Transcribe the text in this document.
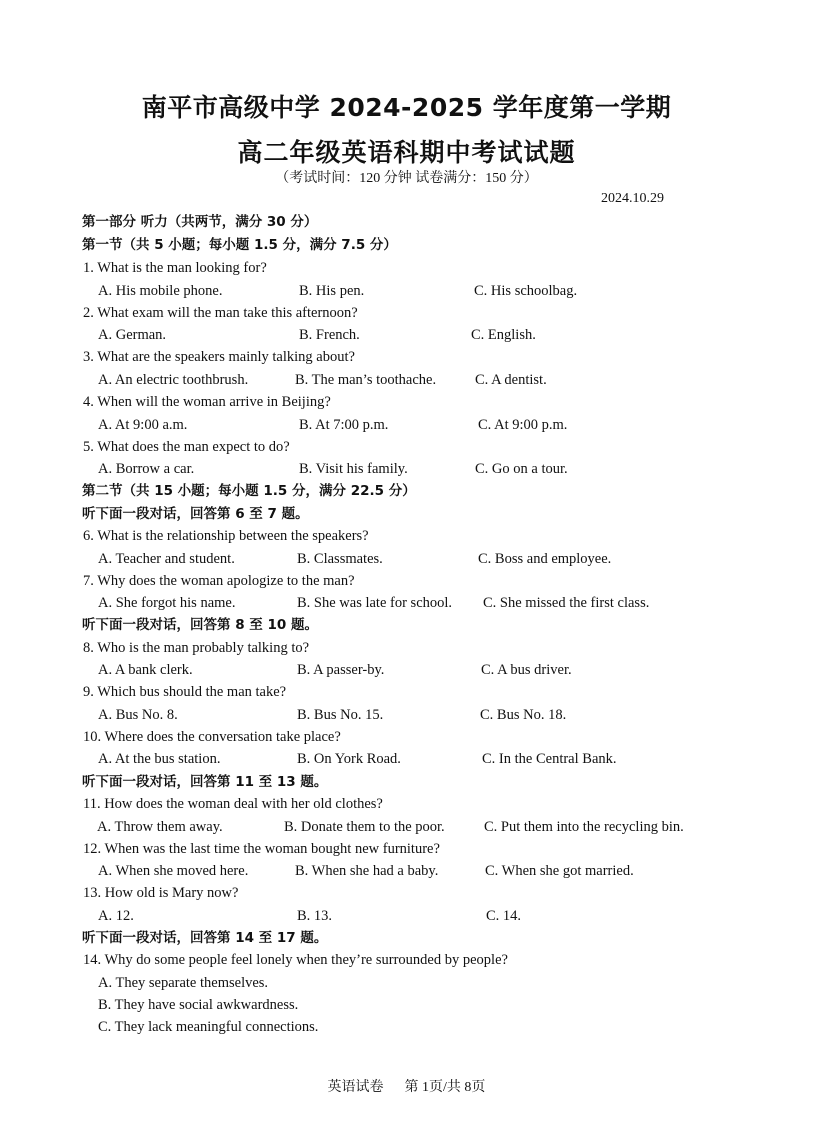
南平市高级中学 2024-2025 学年度第一学期
高二年级英语科期中考试试题
（考试时间：120 分钟 试卷满分：150 分）
2024.10.29
第一部分 听力（共两节，满分 30 分）
第一节（共 5 小题；每小题 1.5 分，满分 7.5 分）
1. What is the man looking for?
A. His mobile phone.	B. His pen.	C. His schoolbag.
2. What exam will the man take this afternoon?
A. German.	B. French.	C. English.
3. What are the speakers mainly talking about?
A. An electric toothbrush.	B. The man’s toothache.	C. A dentist.
4. When will the woman arrive in Beijing?
A. At 9:00 a.m.	B. At 7:00 p.m.	C. At 9:00 p.m.
5. What does the man expect to do?
A. Borrow a car.	B. Visit his family.	C. Go on a tour.
第二节（共 15 小题；每小题 1.5 分，满分 22.5 分）
听下面一段对话，回答第 6 至 7 题。
6. What is the relationship between the speakers?
A. Teacher and student.	B. Classmates.	C. Boss and employee.
7. Why does the woman apologize to the man?
A. She forgot his name.	B. She was late for school. C. She missed the first class.
听下面一段对话，回答第 8 至 10 题。
8. Who is the man probably talking to?
A. A bank clerk.	B. A passer-by.	C. A bus driver.
9. Which bus should the man take?
A. Bus No. 8.	B. Bus No. 15.	C. Bus No. 18.
10. Where does the conversation take place?
A. At the bus station.	B. On York Road.	C. In the Central Bank.
听下面一段对话，回答第 11 至 13 题。
11. How does the woman deal with her old clothes?
A. Throw them away.	B. Donate them to the poor.	C. Put them into the recycling bin.
12. When was the last time the woman bought new furniture?
A. When she moved here.	B. When she had a baby.	C. When she got married.
13. How old is Mary now?
A. 12.	B. 13.	C. 14.
听下面一段对话，回答第 14 至 17 题。
14. Why do some people feel lonely when they’re surrounded by people?
A. They separate themselves.
B. They have social awkwardness.
C. They lack meaningful connections.
英语试卷      第 1页/共 8页
